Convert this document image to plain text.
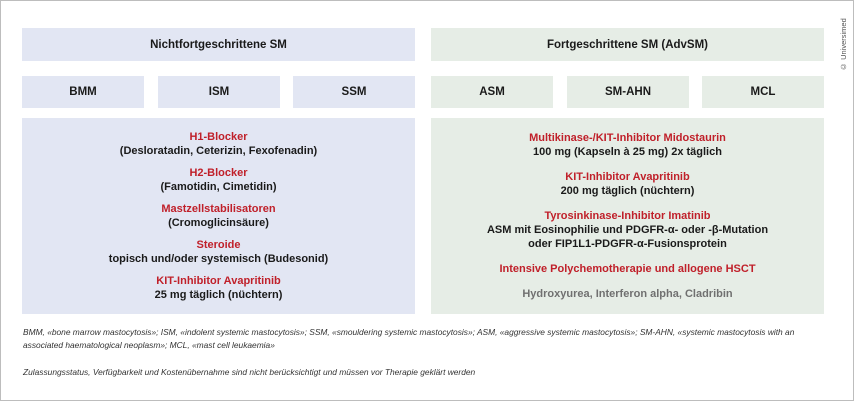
Nichtfortgeschrittene SM	Fortgeschrittene SM (AdvSM)
BMM	ISM	SSM	ASM	SM-AHN	MCL
H1-Blocker
(Desloratadin, Ceterizin, Fexofenadin)
H2-Blocker
(Famotidin, Cimetidin)
Mastzellstabilisatoren
(Cromoglicinsäure)
Steroide
topisch und/oder systemisch (Budesonid)
KIT-Inhibitor Avapritinib
25 mg täglich (nüchtern)
Multikinase-/KIT-Inhibitor Midostaurin
100 mg (Kapseln à 25 mg) 2x täglich
KIT-Inhibitor Avapritinib
200 mg täglich (nüchtern)
Tyrosinkinase-Inhibitor Imatinib
ASM mit Eosinophilie und PDGFR-α- oder -β-Mutation
oder FIP1L1-PDGFR-α-Fusionsprotein
Intensive Polychemotherapie und allogene HSCT
Hydroxyurea, Interferon alpha, Cladribin
BMM, «bone marrow mastocytosis»; ISM, «indolent systemic mastocytosis»; SSM, «smouldering systemic mastocytosis»; ASM, «aggressive systemic mastocytosis»; SM-AHN, «systemic mastocytosis with an associated haematological neoplasm»; MCL, «mast cell leukaemia»
Zulassungsstatus, Verfügbarkeit und Kostenübernahme sind nicht berücksichtigt und müssen vor Therapie geklärt werden
© Universimed
